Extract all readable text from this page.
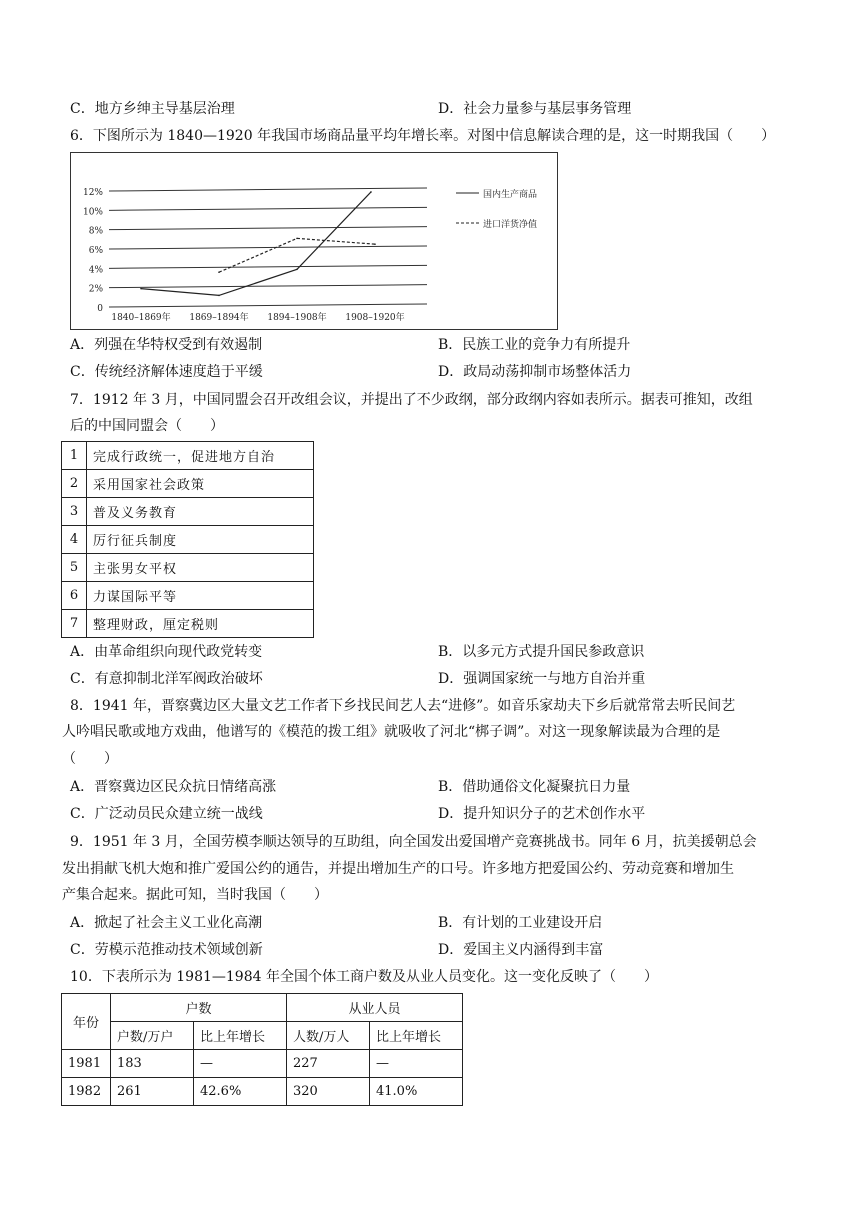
C．地方乡绅主导基层治理	D．社会力量参与基层事务管理
6．下图所示为 1840—1920 年我国市场商品量平均年增长率。对图中信息解读合理的是，这一时期我国（　　）
0
2%
4%
6%
8%
10%
12%
1840–1869年 1869–1894年 1894–1908年 1908–1920年
国内生产商品
进口洋货净值
A．列强在华特权受到有效遏制	B．民族工业的竞争力有所提升
C．传统经济解体速度趋于平缓	D．政局动荡抑制市场整体活力
7．1912 年 3 月，中国同盟会召开改组会议，并提出了不少政纲，部分政纲内容如表所示。据表可推知，改组
后的中国同盟会（　　）
1	完成行政统一，促进地方自治
2	采用国家社会政策
3	普及义务教育
4	厉行征兵制度
5	主张男女平权
6	力谋国际平等
7	整理财政，厘定税则
A．由革命组织向现代政党转变	B．以多元方式提升国民参政意识
C．有意抑制北洋军阀政治破坏	D．强调国家统一与地方自治并重
8．1941 年，晋察冀边区大量文艺工作者下乡找民间艺人去“进修”。如音乐家劫夫下乡后就常常去听民间艺
人吟唱民歌或地方戏曲，他谱写的《模范的拨工组》就吸收了河北“梆子调”。对这一现象解读最为合理的是
（　　）
A．晋察冀边区民众抗日情绪高涨	B．借助通俗文化凝聚抗日力量
C．广泛动员民众建立统一战线	D．提升知识分子的艺术创作水平
9．1951 年 3 月，全国劳模李顺达领导的互助组，向全国发出爱国增产竞赛挑战书。同年 6 月，抗美援朝总会
发出捐献飞机大炮和推广爱国公约的通告，并提出增加生产的口号。许多地方把爱国公约、劳动竞赛和增加生
产集合起来。据此可知，当时我国（　　）
A．掀起了社会主义工业化高潮	B．有计划的工业建设开启
C．劳模示范推动技术领域创新	D．爱国主义内涵得到丰富
10．下表所示为 1981—1984 年全国个体工商户数及从业人员变化。这一变化反映了（　　）
年份	户数		从业人员	
	户数/万户	比上年增长	人数/万人	比上年增长
1981	183	—	227	—
1982	261	42.6%	320	41.0%
